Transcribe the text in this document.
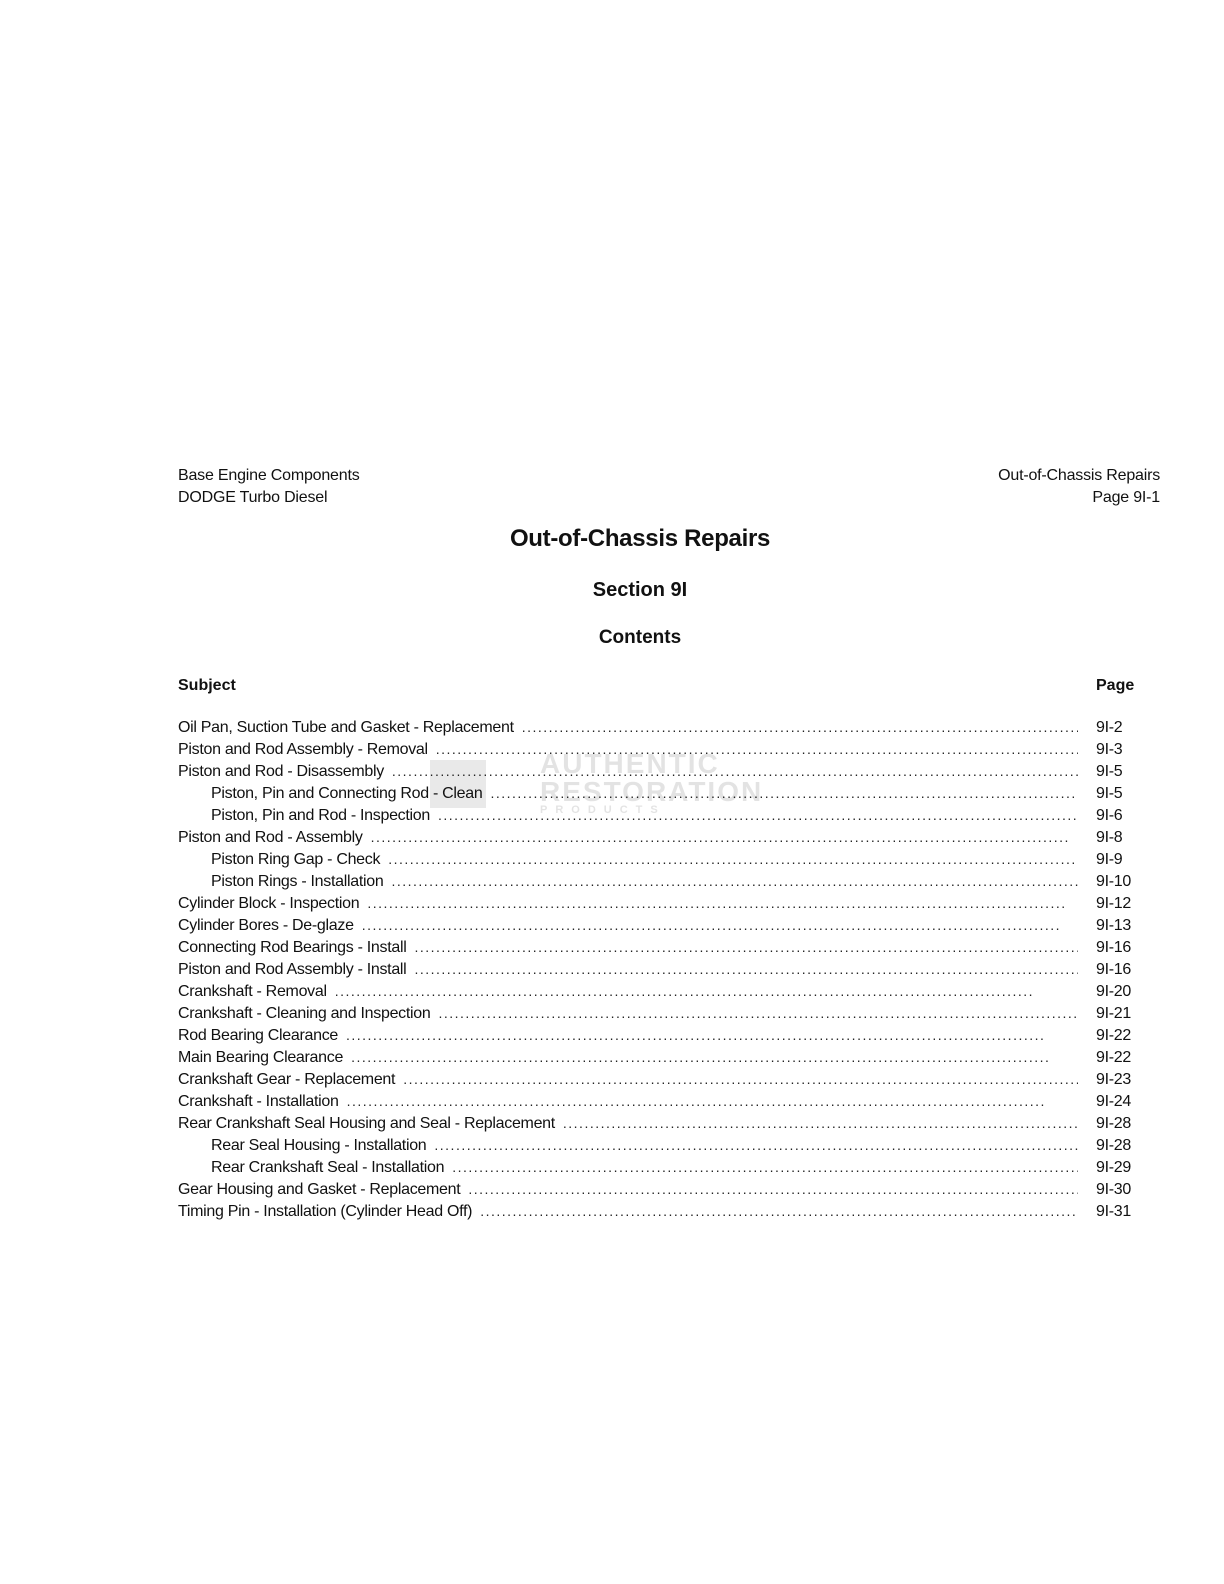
Base Engine Components
DODGE Turbo Diesel
Out-of-Chassis Repairs
Page 9I-1
Out-of-Chassis Repairs
Section 9I
Contents
Subject	Page
AUTHENTIC
RESTORATION
PRODUCTS
Oil Pan, Suction Tube and Gasket - Replacement . . .	9I-2
Piston and Rod Assembly - Removal . . .	9I-3
Piston and Rod - Disassembly . . .	9I-5
Piston, Pin and Connecting Rod - Clean . . .	9I-5
Piston, Pin and Rod - Inspection . . .	9I-6
Piston and Rod - Assembly . . .	9I-8
Piston Ring Gap - Check . . .	9I-9
Piston Rings - Installation . . .	9I-10
Cylinder Block - Inspection . . .	9I-12
Cylinder Bores - De-glaze . . .	9I-13
Connecting Rod Bearings - Install . . .	9I-16
Piston and Rod Assembly - Install . . .	9I-16
Crankshaft - Removal . . .	9I-20
Crankshaft - Cleaning and Inspection . . .	9I-21
Rod Bearing Clearance . . .	9I-22
Main Bearing Clearance . . .	9I-22
Crankshaft Gear - Replacement . . .	9I-23
Crankshaft - Installation . . .	9I-24
Rear Crankshaft Seal Housing and Seal - Replacement . . .	9I-28
Rear Seal Housing - Installation . . .	9I-28
Rear Crankshaft Seal - Installation . . .	9I-29
Gear Housing and Gasket - Replacement . . .	9I-30
Timing Pin - Installation (Cylinder Head Off) . . .	9I-31
